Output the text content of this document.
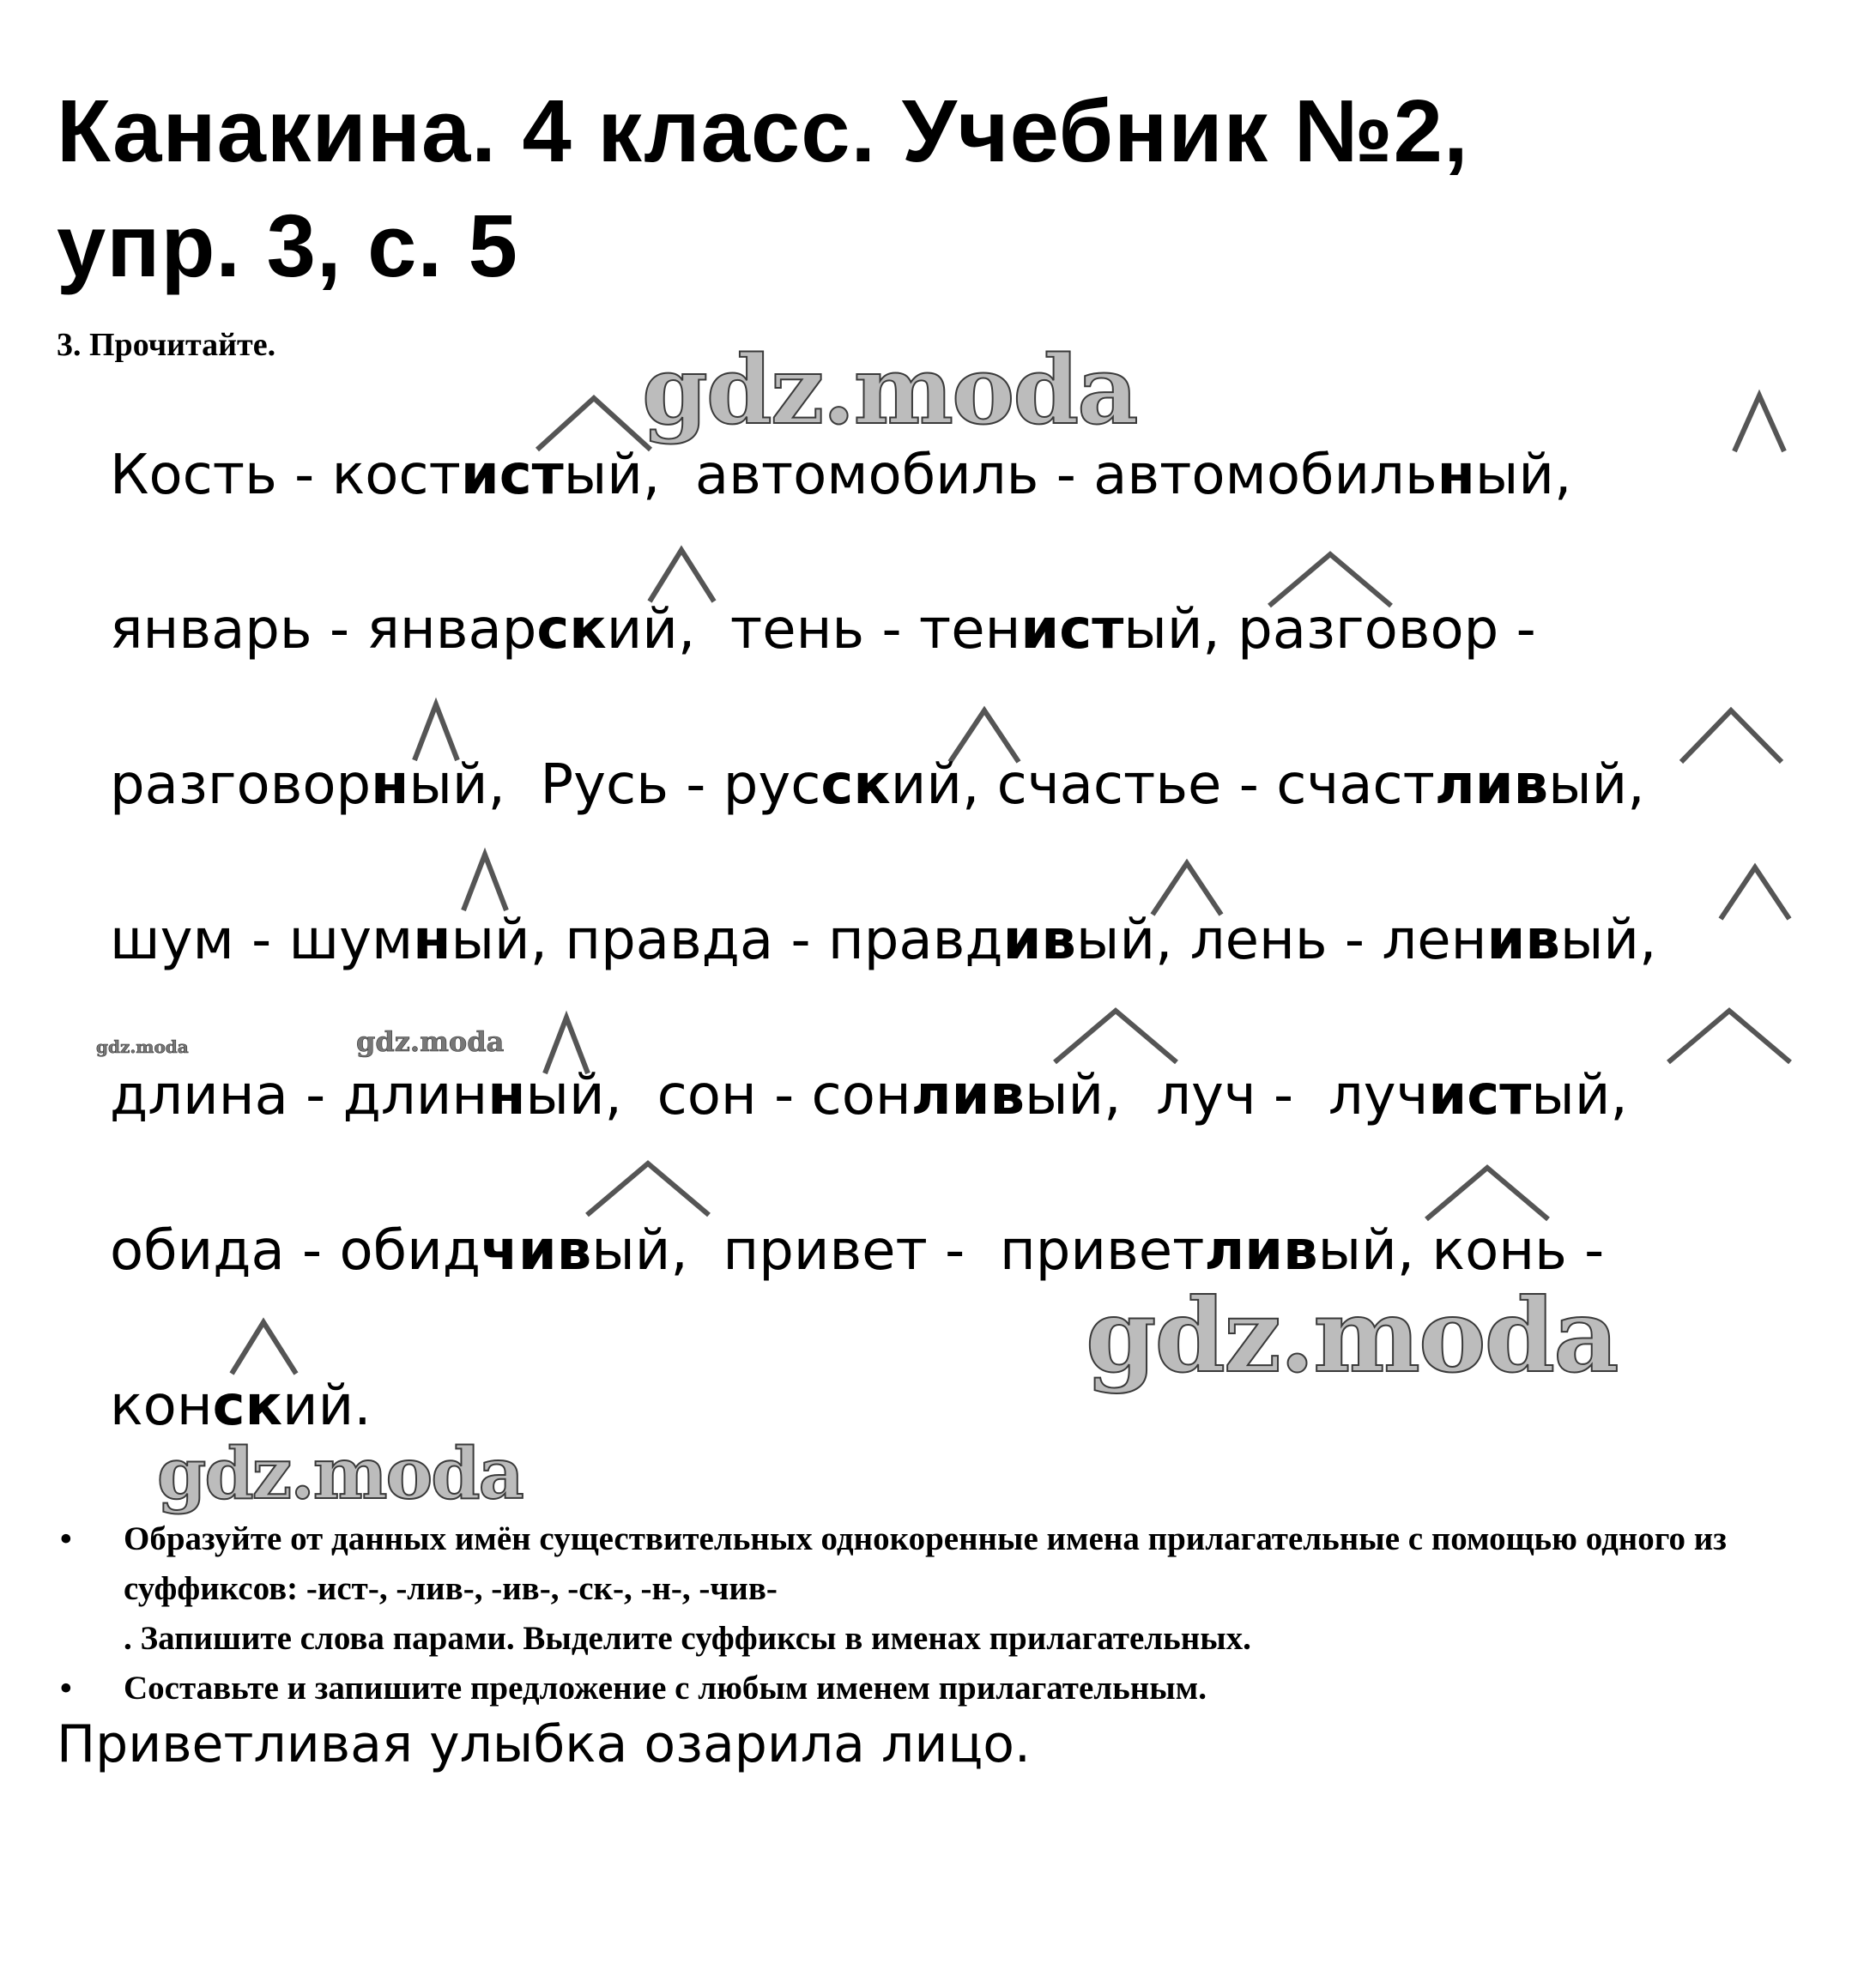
Канакина. 4 класс. Учебник №2,
упр. 3, с. 5
3. Прочитайте.	gdz.moda
gdz.moda
gdz.moda
gdz.moda	gdz.moda
Кость - костистый,  автомобиль - автомобильный,
январь - январский,  тень - тенистый, разговор -
разговорный,  Русь - русский, счастье - счастливый,
шум - шумный, правда - правдивый, лень - ленивый,
длина - длинный,  сон - сонливый,  луч -  лучистый,
обида - обидчивый,  привет -  приветливый, конь -
конский.
• Образуйте от данных имён существительных однокоренные имена прилагательные с помощью одного из суффиксов: -ист-, -лив-, -ив-, -ск-, -н-, -чив-
. Запишите слова парами. Выделите суффиксы в именах прилагательных.
• Составьте и запишите предложение с любым именем прилагательным.
Приветливая улыбка озарила лицо.
